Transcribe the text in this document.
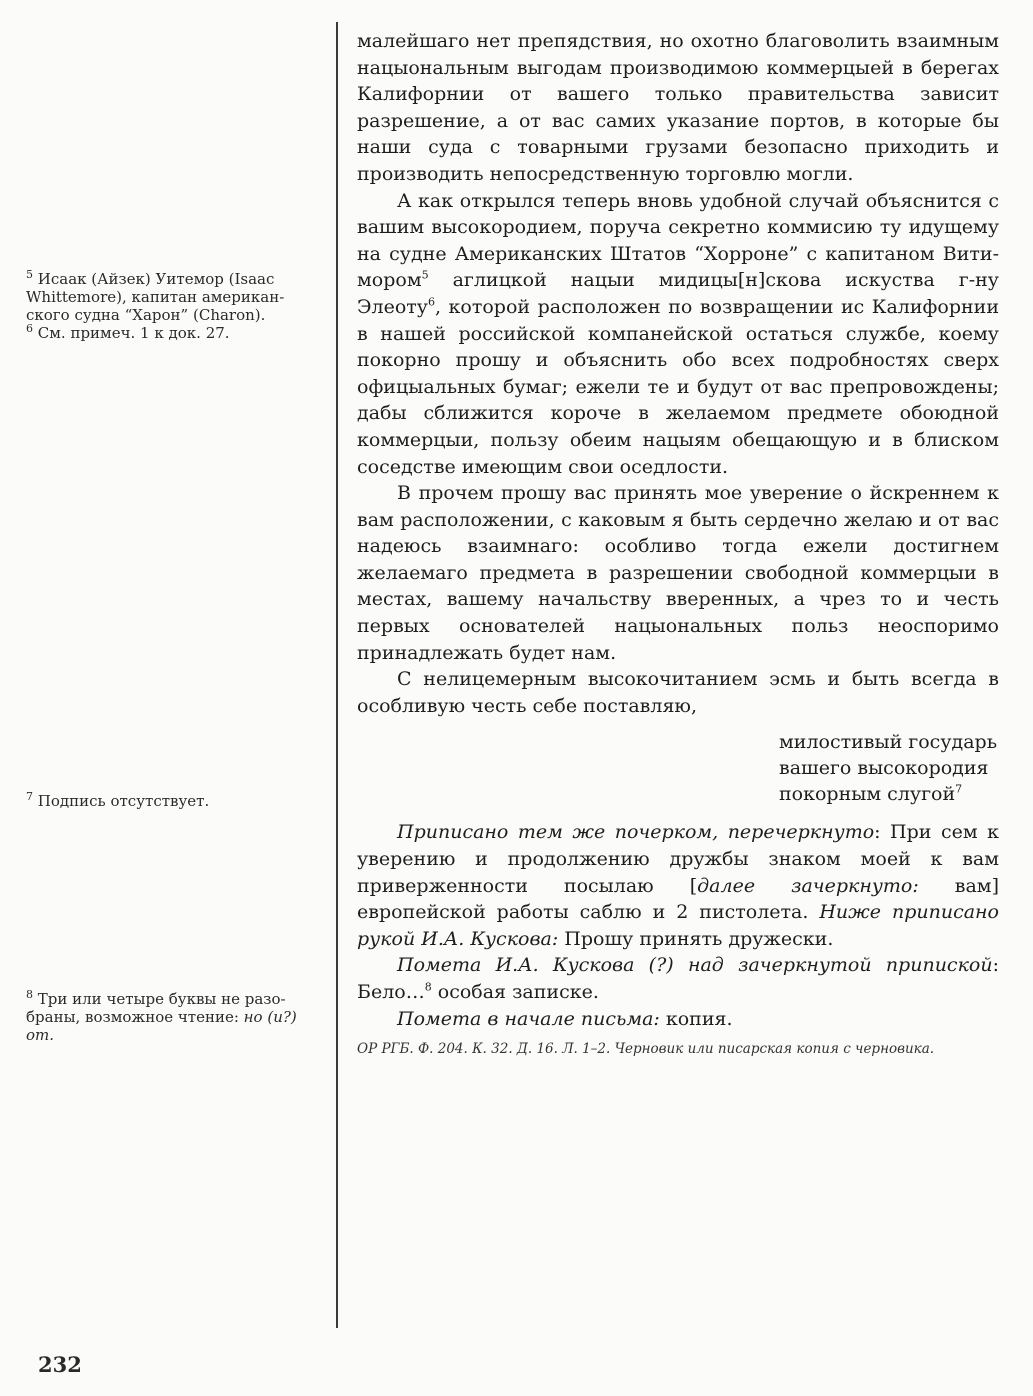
$^5$ Исаак (Айзек) Уитемор (Isaac Whittemore), капитан американского судна “Харон” (Charon).

$^6$ См. примеч. 1 к док. 27.

$^7$ Подпись отсутствует.

$^8$ Три или четыре буквы не разобраны, возможное чтение: но (и?) от.

малейшаго нет препядствия, но охотно благоволить взаимным нацыональным выгодам производимою коммерцыей в берегах Калифорнии от вашего только правительства зависит разрешение, а от вас самих указание портов, в которые бы наши суда с товарными грузами безопасно приходить и производить непосредственную торговлю могли.

А как открылся теперь вновь удобной случай объяснится с вашим высокородием, поруча секретно коммисию ту идущему на судне Американских Штатов “Хорроне” с капитаном Витимором$^5$ аглицкой нацыи мидицы[н]скова искуства г-ну Элеоту$^6$, которой расположен по возвращении ис Калифорнии в нашей российской компанейской остаться службе, коему покорно прошу и объяснить обо всех подробностях сверх офицыальных бумаг; ежели те и будут от вас препровождены; дабы сближится короче в желаемом предмете обоюдной коммерцыи, пользу обеим нацыям обещающую и в блиском соседстве имеющим свои оседлости.

В прочем прошу вас принять мое уверение о йскреннем к вам расположении, с каковым я быть сердечно желаю и от вас надеюсь взаимнаго: особливо тогда ежели достигнем желаемаго предмета в разрешении свободной коммерцыи в местах, вашему начальству вверенных, а чрез то и честь первых основателей нацыональных польз неоспоримо принадлежать будет нам.

С нелицемерным высокочитанием эсмь и быть всегда в особливую честь себе поставляю,

милостивый государь
вашего высокородия
покорным слугой$^7$

Приписано тем же почерком, перечеркнуто: При сем к уверению и продолжению дружбы знаком моей к вам приверженности посылаю [далее зачеркнуто: вам] европейской работы саблю и 2 пистолета. Ниже приписано рукой И.А. Кускова: Прошу принять дружески.

Помета И.А. Кускова (?) над зачеркнутой припиской: Бело…$^8$ особая записке.

Помета в начале письма: копия.

ОР РГБ. Ф. 204. К. 32. Д. 16. Л. 1–2. Черновик или писарская копия с черновика.

232
